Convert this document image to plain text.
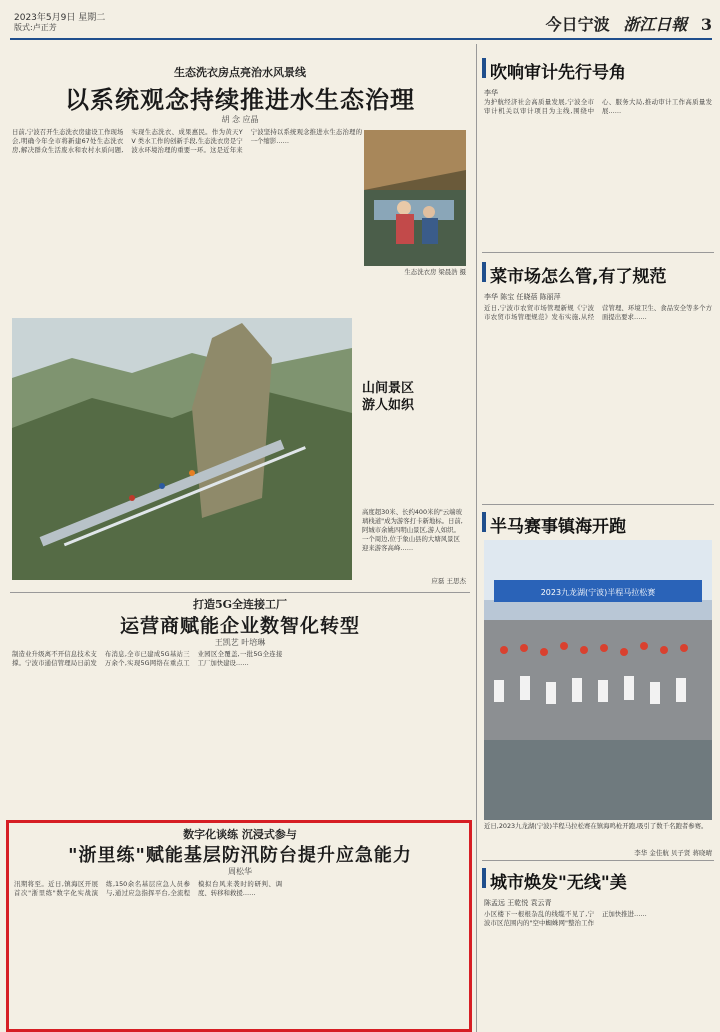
2023年5月9日 星期二
版式:卢正芳	今日宁波 浙江日報 3
生态洗衣房点亮治水风景线
以系统观念持续推进水生态治理
胡 念 应晶
日前,宁波召开生态洗衣房建设工作现场会,明确今年全市将新建67处生态洗衣房,解决群众生活废水和农村水质问题,实现生态洗衣、成果惠民。作为黄天Y V 类水工作的创新手段,生态洗衣房是宁波水环境治理的重要一环。这是近年来宁波坚持以系统观念推进水生态治理的一个缩影……
生态洗衣房 梁晨浩 摄
山间景区
游人如织
高度超30米、长约400米的"云端玻璃栈道"成为游客打卡新地标。日前,阿城市余姚四明山景区,游人如织。一个周边,位于象山县的大塘风景区迎来游客高峰……
应磊 王思杰
打造5G全连接工厂
运营商赋能企业数智化转型
王凯艺 叶培琳
制造业升级离不开信息技术支撑。宁波市通信管理局日前发布消息,全市已建成5G基站三万余个,实现5G网络在重点工业园区全覆盖,一批5G全连接工厂加快建设……
数字化谈练 沉浸式参与
"浙里练"赋能基层防汛防台提升应急能力
周松华
汛期将至。近日,镇海区开展首次"浙里练"数字化实战演练,150余名基层应急人员参与,通过应急指挥平台,全流程模拟台风来袭时的研判、调度、转移和救援……
吹响审计先行号角
李华
为护航经济社会高质量发展,宁波全市审计机关以审计项目为主线,围绕中心、服务大局,推动审计工作高质量发展……
菜市场怎么管,有了规范
李华 陈宝 任晓蓓 陈丽萍
近日,宁波市农贸市场管理新规《宁波市农贸市场管理规范》发布实施,从经营管理、环境卫生、食品安全等多个方面提出要求……
半马赛事镇海开跑
2023九龙湖(宁波)半程马拉松赛
近日,2023九龙湖(宁波)半程马拉松赛在镇海鸣枪开跑,吸引了数千名跑者参赛。
李华 金佳航 贝子贤 蒋晓晴
城市焕发"无线"美
陈孟远 王乾悦 袁云青
小区楼下一根根杂乱的线缆不见了,宁波市区范围内的"空中蜘蛛网"整治工作正加快推进……
